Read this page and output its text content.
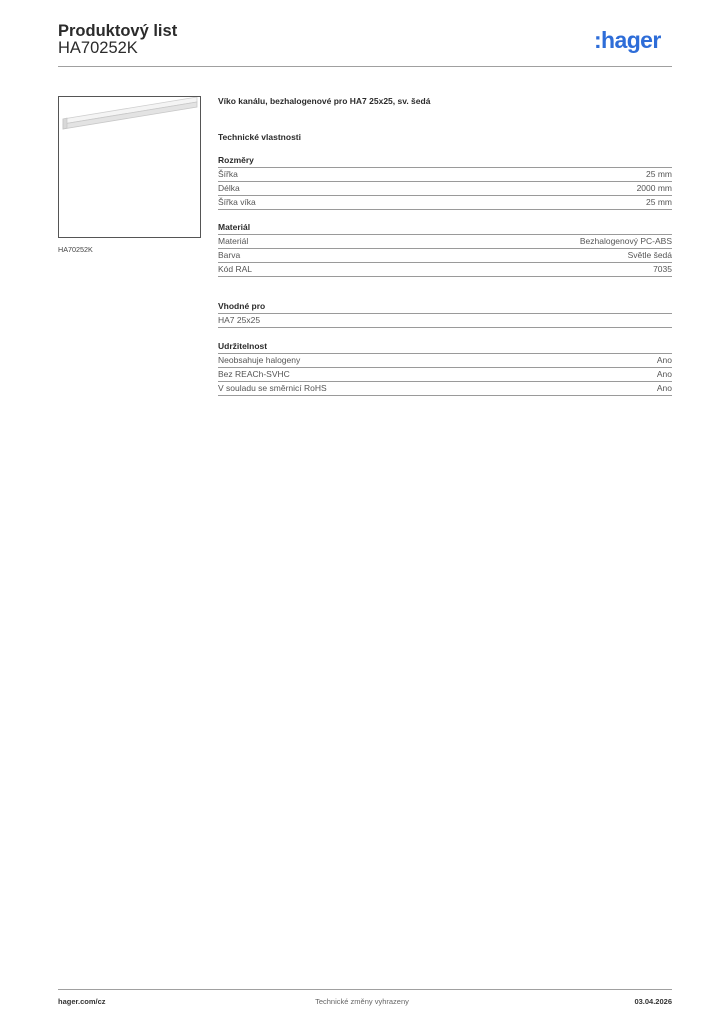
Produktový list
HA70252K	:hager
HA70252K
Víko kanálu, bezhalogenové pro HA7 25x25, sv. šedá
Technické vlastnosti
Rozměry
Šířka	25 mm
Délka	2000 mm
Šířka víka	25 mm
Materiál
Materiál	Bezhalogenový PC-ABS
Barva	Světle šedá
Kód RAL	7035
Vhodné pro
HA7 25x25
Udržitelnost
Neobsahuje halogeny	Ano
Bez REACh-SVHC	Ano
V souladu se směrnicí RoHS	Ano
hager.com/cz	Technické změny vyhrazeny	03.04.2026
